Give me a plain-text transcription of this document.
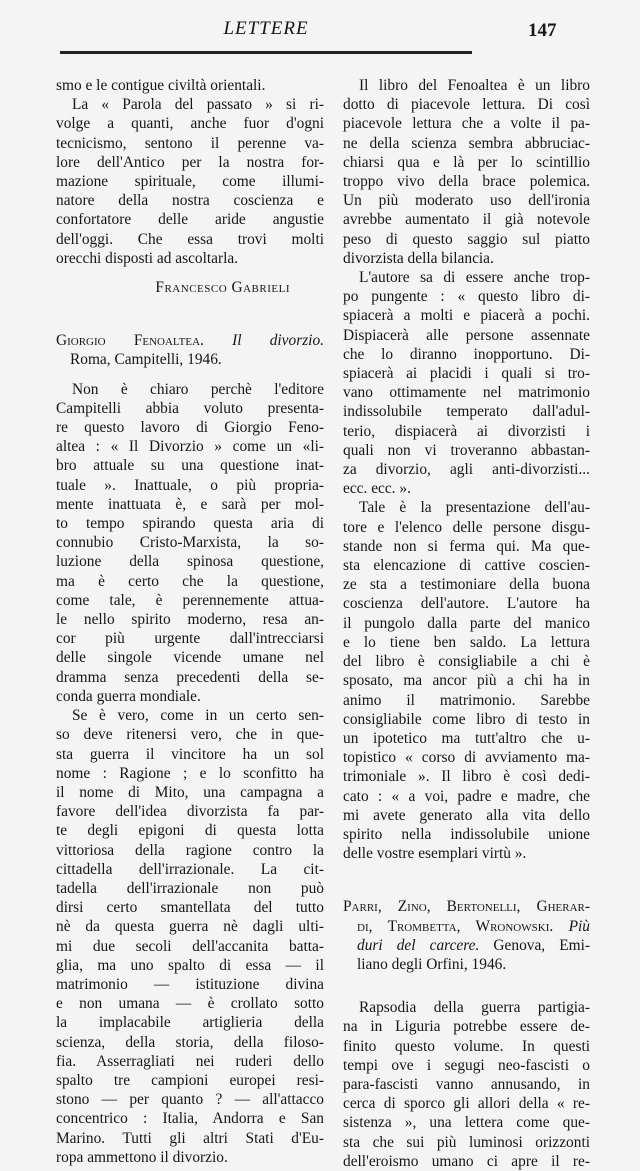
LETTERE	147
smo e le contigue civiltà orientali.
La « Parola del passato » si ri-
volge a quanti, anche fuor d'ogni
tecnicismo, sentono il perenne va-
lore dell'Antico per la nostra for-
mazione spirituale, come illumi-
natore della nostra coscienza e
confortatore delle aride angustie
dell'oggi. Che essa trovi molti
orecchi disposti ad ascoltarla.
Francesco Gabrieli
Giorgio Fenoaltea. Il divorzio.
Roma, Campitelli, 1946.
Non è chiaro perchè l'editore
Campitelli abbia voluto presenta-
re questo lavoro di Giorgio Feno-
altea : « Il Divorzio » come un «li-
bro attuale su una questione inat-
tuale ». Inattuale, o più propria-
mente inattuata è, e sarà per mol-
to tempo spirando questa aria di
connubio Cristo-Marxista, la so-
luzione della spinosa questione,
ma è certo che la questione,
come tale, è perennemente attua-
le nello spirito moderno, resa an-
cor più urgente dall'intrecciarsi
delle singole vicende umane nel
dramma senza precedenti della se-
conda guerra mondiale.
Se è vero, come in un certo sen-
so deve ritenersi vero, che in que-
sta guerra il vincitore ha un sol
nome : Ragione ; e lo sconfitto ha
il nome di Mito, una campagna a
favore dell'idea divorzista fa par-
te degli epigoni di questa lotta
vittoriosa della ragione contro la
cittadella dell'irrazionale. La cit-
tadella dell'irrazionale non può
dirsi certo smantellata del tutto
nè da questa guerra nè dagli ulti-
mi due secoli dell'accanita batta-
glia, ma uno spalto di essa — il
matrimonio — istituzione divina
e non umana — è crollato sotto
la implacabile artiglieria della
scienza, della storia, della filoso-
fia. Asserragliati nei ruderi dello
spalto tre campioni europei resi-
stono — per quanto ? — all'attacco
concentrico : Italia, Andorra e San
Marino. Tutti gli altri Stati d'Eu-
ropa ammettono il divorzio.
Il libro del Fenoaltea è un libro
dotto di piacevole lettura. Di così
piacevole lettura che a volte il pa-
ne della scienza sembra abbruciac-
chiarsi qua e là per lo scintillio
troppo vivo della brace polemica.
Un più moderato uso dell'ironia
avrebbe aumentato il già notevole
peso di questo saggio sul piatto
divorzista della bilancia.
L'autore sa di essere anche trop-
po pungente : « questo libro di-
spiacerà a molti e piacerà a pochi.
Dispiacerà alle persone assennate
che lo diranno inopportuno. Di-
spiacerà ai placidi i quali si tro-
vano ottimamente nel matrimonio
indissolubile temperato dall'adul-
terio, dispiacerà ai divorzisti i
quali non vi troveranno abbastan-
za divorzio, agli anti-divorzisti...
ecc. ecc. ».
Tale è la presentazione dell'au-
tore e l'elenco delle persone disgu-
stande non si ferma qui. Ma que-
sta elencazione di cattive coscien-
ze sta a testimoniare della buona
coscienza dell'autore. L'autore ha
il pungolo dalla parte del manico
e lo tiene ben saldo. La lettura
del libro è consigliabile a chi è
sposato, ma ancor più a chi ha in
animo il matrimonio. Sarebbe
consigliabile come libro di testo in
un ipotetico ma tutt'altro che u-
topistico « corso di avviamento ma-
trimoniale ». Il libro è così dedi-
cato : « a voi, padre e madre, che
mi avete generato alla vita dello
spirito nella indissolubile unione
delle vostre esemplari virtù ».
Parri, Zino, Bertonelli, Gherar-
di, Trombetta, Wronowski. Più
duri del carcere. Genova, Emi-
liano degli Orfini, 1946.
Rapsodia della guerra partigia-
na in Liguria potrebbe essere de-
finito questo volume. In questi
tempi ove i segugi neo-fascisti o
para-fascisti vanno annusando, in
cerca di sporco gli allori della « re-
sistenza », una lettera come que-
sta che sui più luminosi orizzonti
dell'eroismo umano ci apre il re-
